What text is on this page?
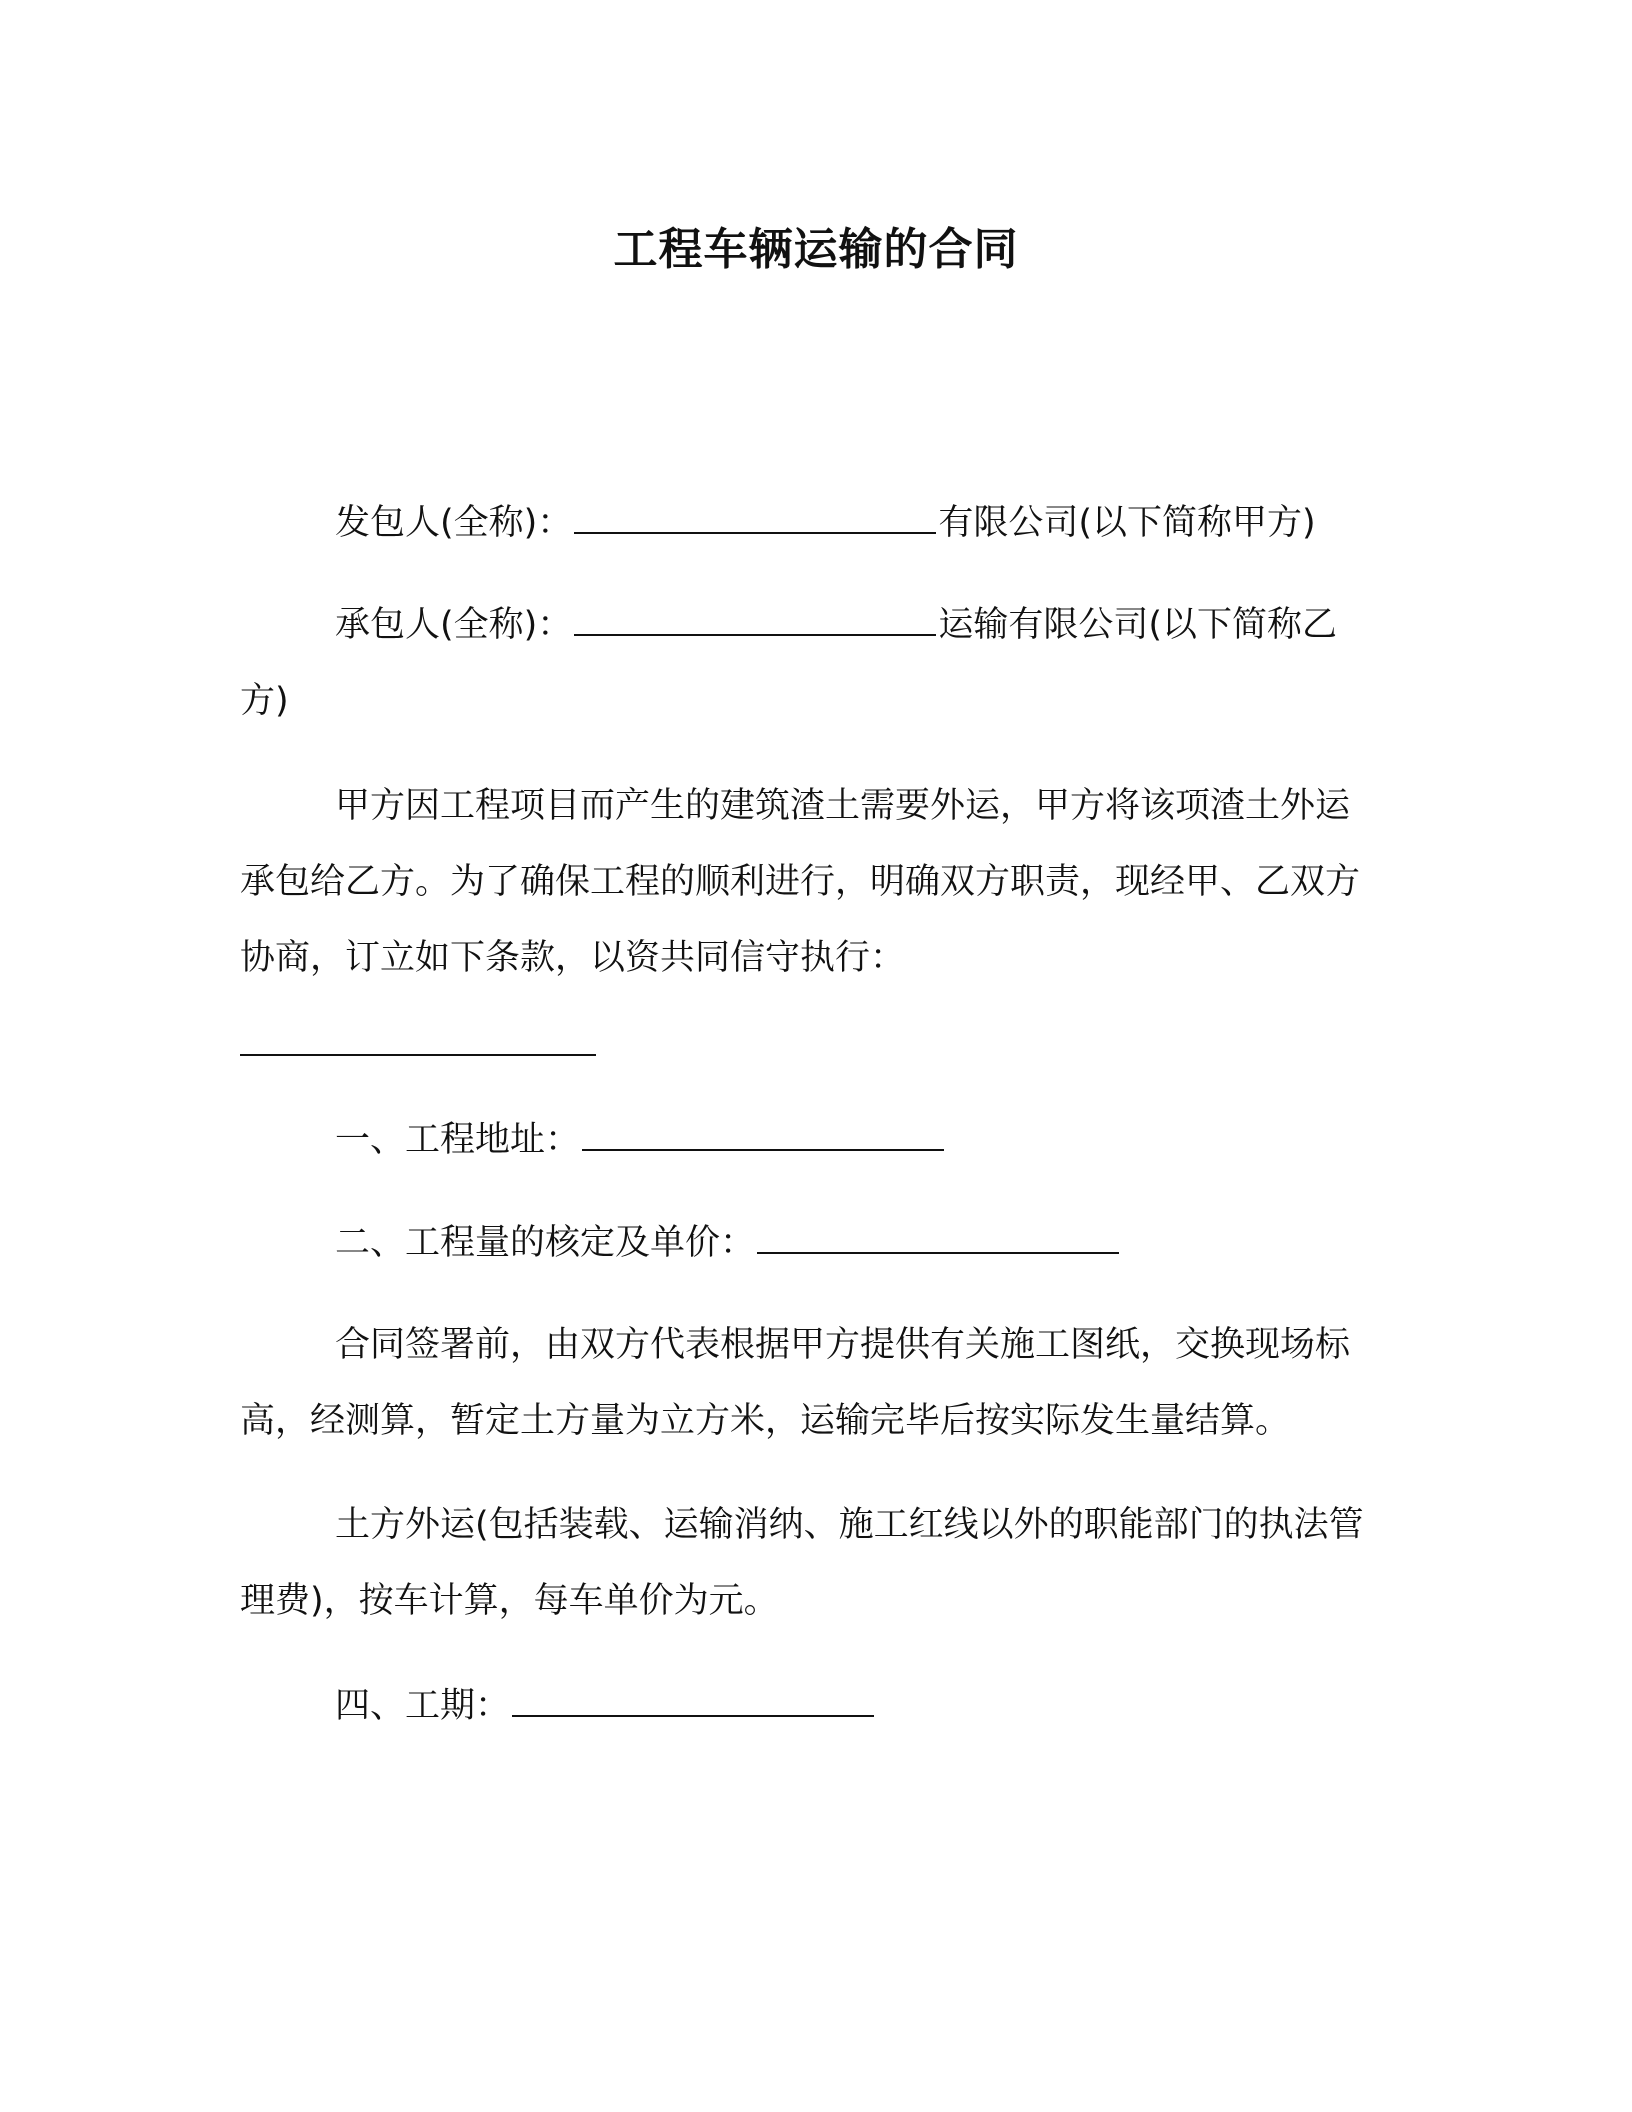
工程车辆运输的合同

发包人(全称)：	有限公司(以下简称甲方)

承包人(全称)：	运输有限公司(以下简称乙方)

甲方因工程项目而产生的建筑渣土需要外运，甲方将该项渣土外运承包给乙方。为了确保工程的顺利进行，明确双方职责，现经甲、乙双方协商，订立如下条款，以资共同信守执行：

一、工程地址：

二、工程量的核定及单价：

合同签署前，由双方代表根据甲方提供有关施工图纸，交换现场标高，经测算，暂定土方量为立方米，运输完毕后按实际发生量结算。

土方外运(包括装载、运输消纳、施工红线以外的职能部门的执法管理费)，按车计算，每车单价为元。

四、工期：
